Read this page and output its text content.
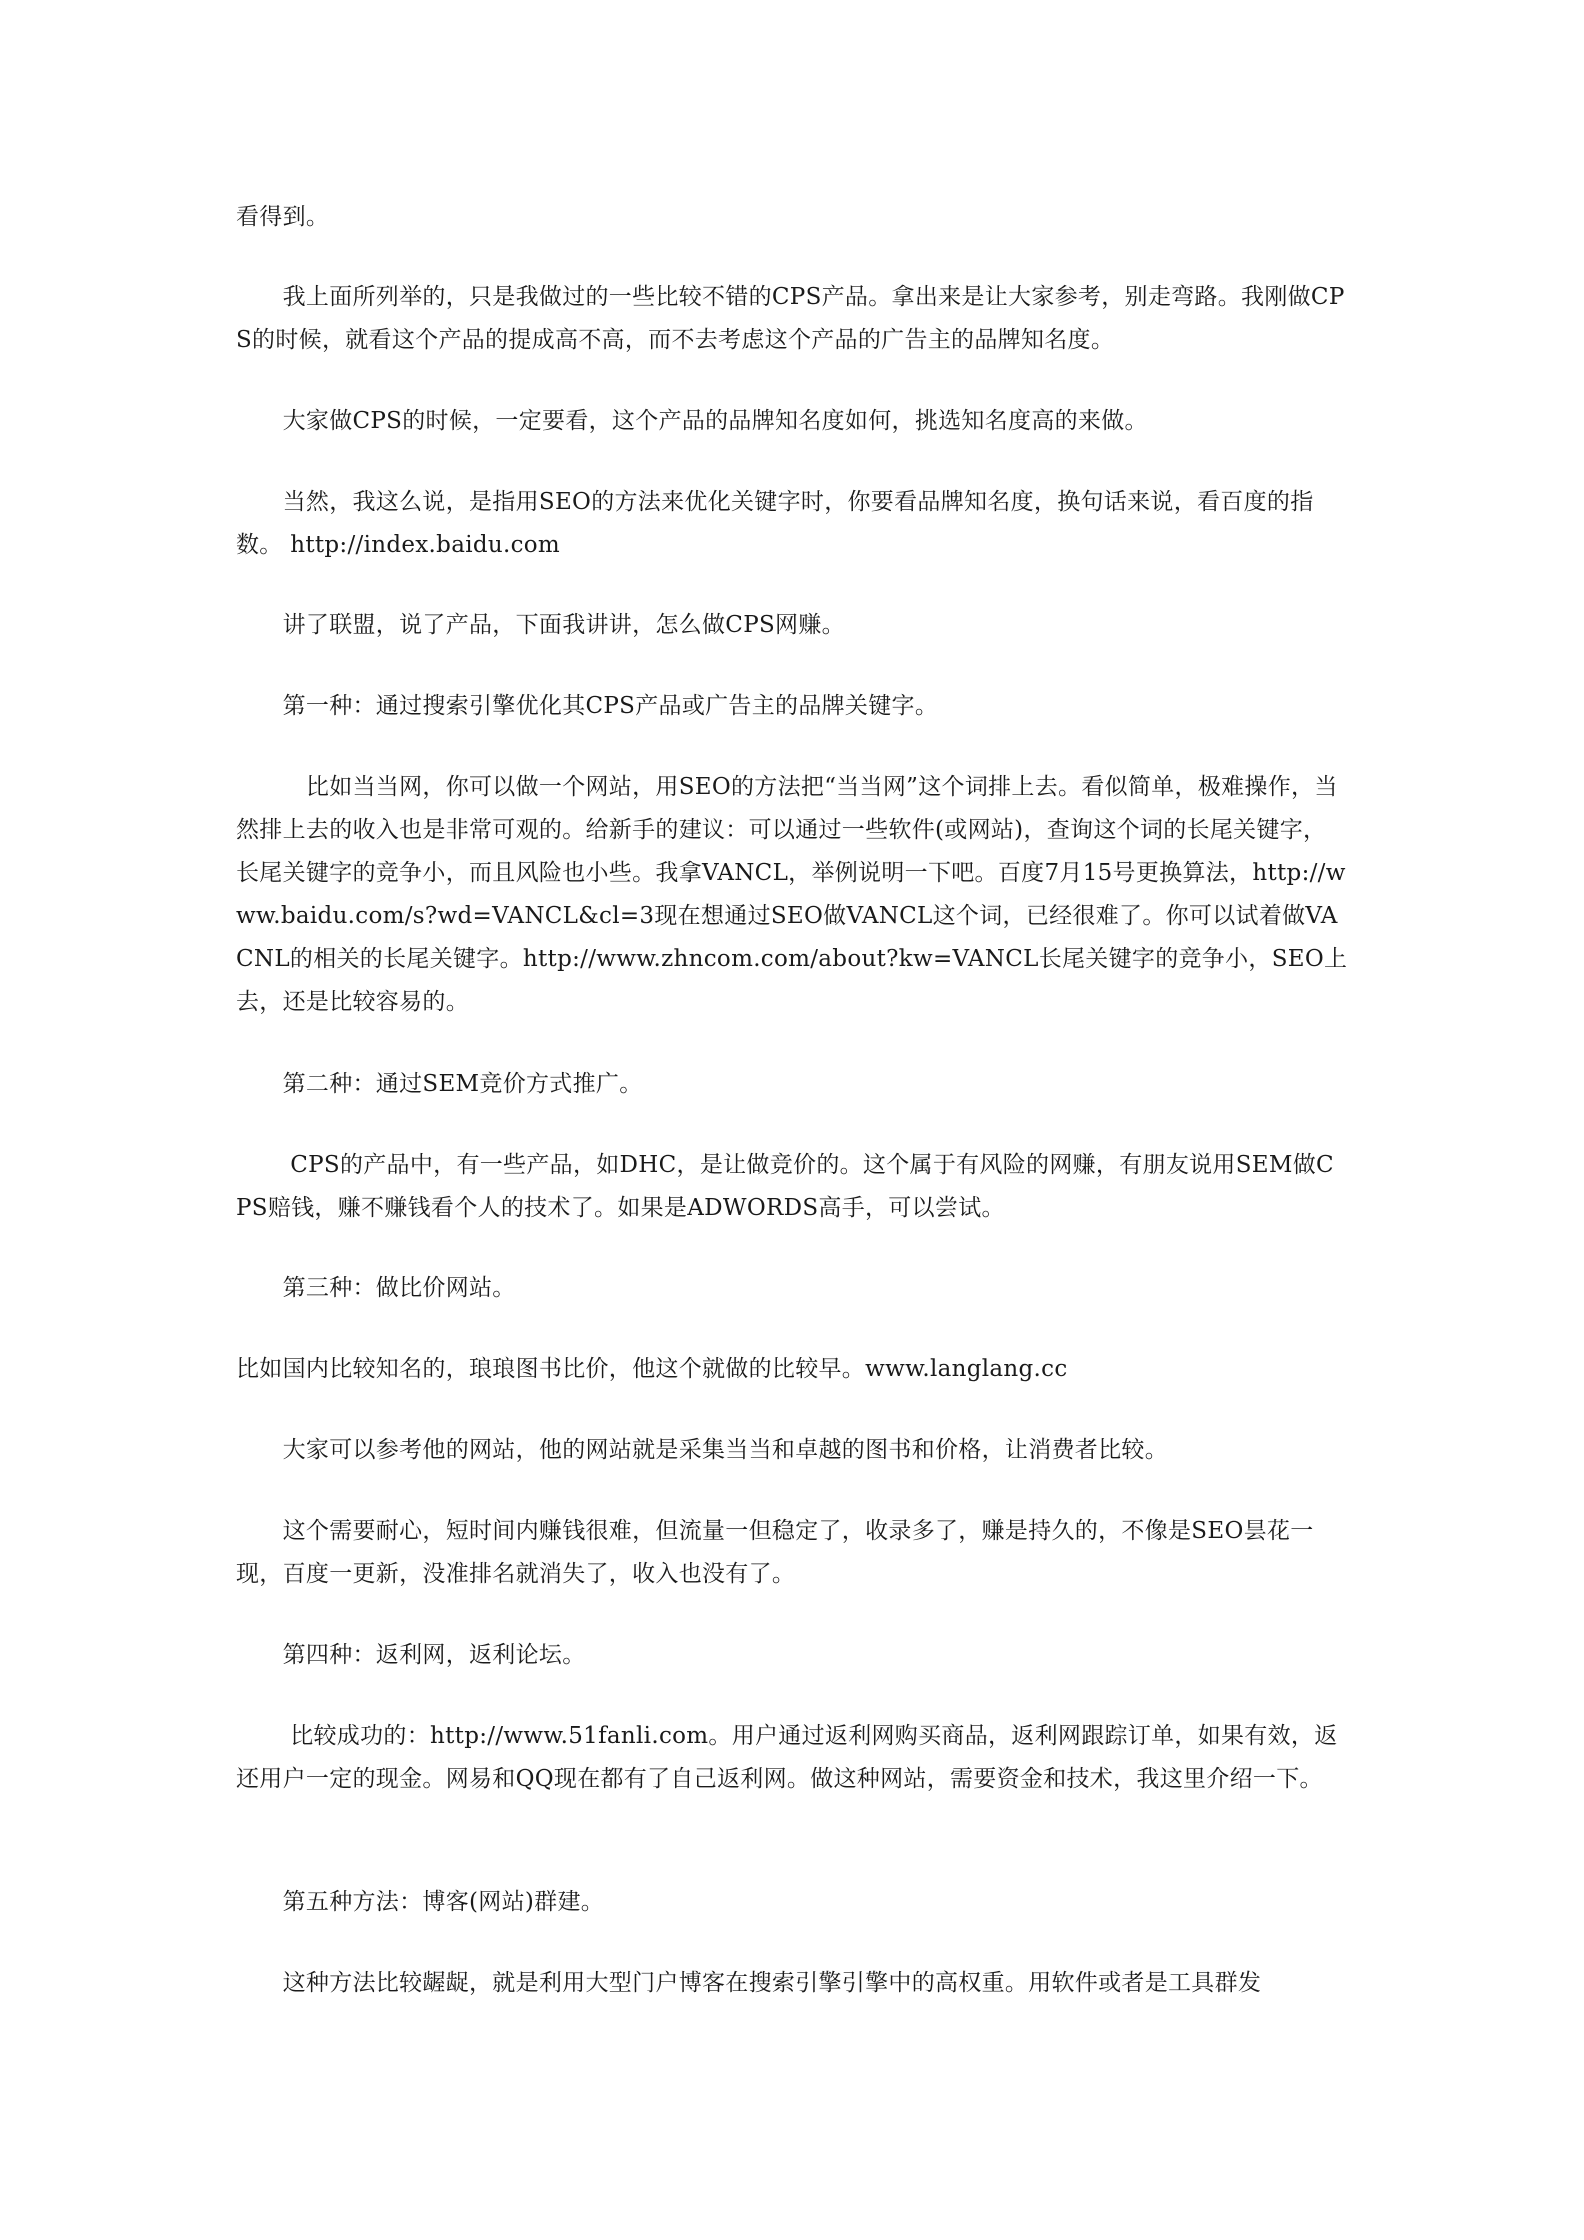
看得到。

　　我上面所列举的，只是我做过的一些比较不错的CPS产品。拿出来是让大家参考，别走弯路。我刚做CPS的时候，就看这个产品的提成高不高，而不去考虑这个产品的广告主的品牌知名度。

　　大家做CPS的时候，一定要看，这个产品的品牌知名度如何，挑选知名度高的来做。

　　当然，我这么说，是指用SEO的方法来优化关键字时，你要看品牌知名度，换句话来说，看百度的指数。 http://index.baidu.com

　　讲了联盟，说了产品，下面我讲讲，怎么做CPS网赚。

　　第一种：通过搜索引擎优化其CPS产品或广告主的品牌关键字。

　　　比如当当网，你可以做一个网站，用SEO的方法把“当当网”这个词排上去。看似简单，极难操作，当然排上去的收入也是非常可观的。给新手的建议：可以通过一些软件(或网站)，查询这个词的长尾关键字，长尾关键字的竞争小，而且风险也小些。我拿VANCL，举例说明一下吧。百度7月15号更换算法，http://www.baidu.com/s?wd=VANCL&cl=3现在想通过SEO做VANCL这个词，已经很难了。你可以试着做VACNL的相关的长尾关键字。http://www.zhncom.com/about?kw=VANCL长尾关键字的竞争小，SEO上去，还是比较容易的。

　　第二种：通过SEM竞价方式推广。

　　 CPS的产品中，有一些产品，如DHC，是让做竞价的。这个属于有风险的网赚，有朋友说用SEM做CPS赔钱，赚不赚钱看个人的技术了。如果是ADWORDS高手，可以尝试。

　　第三种：做比价网站。

比如国内比较知名的，琅琅图书比价，他这个就做的比较早。www.langlang.cc

　　大家可以参考他的网站，他的网站就是采集当当和卓越的图书和价格，让消费者比较。

　　这个需要耐心，短时间内赚钱很难，但流量一但稳定了，收录多了，赚是持久的，不像是SEO昙花一现，百度一更新，没准排名就消失了，收入也没有了。

　　第四种：返利网，返利论坛。

　　 比较成功的：http://www.51fanli.com。用户通过返利网购买商品，返利网跟踪订单，如果有效，返还用户一定的现金。网易和QQ现在都有了自己返利网。做这种网站，需要资金和技术，我这里介绍一下。

　　第五种方法：博客(网站)群建。

　　这种方法比较龌龊，就是利用大型门户博客在搜索引擎引擎中的高权重。用软件或者是工具群发
